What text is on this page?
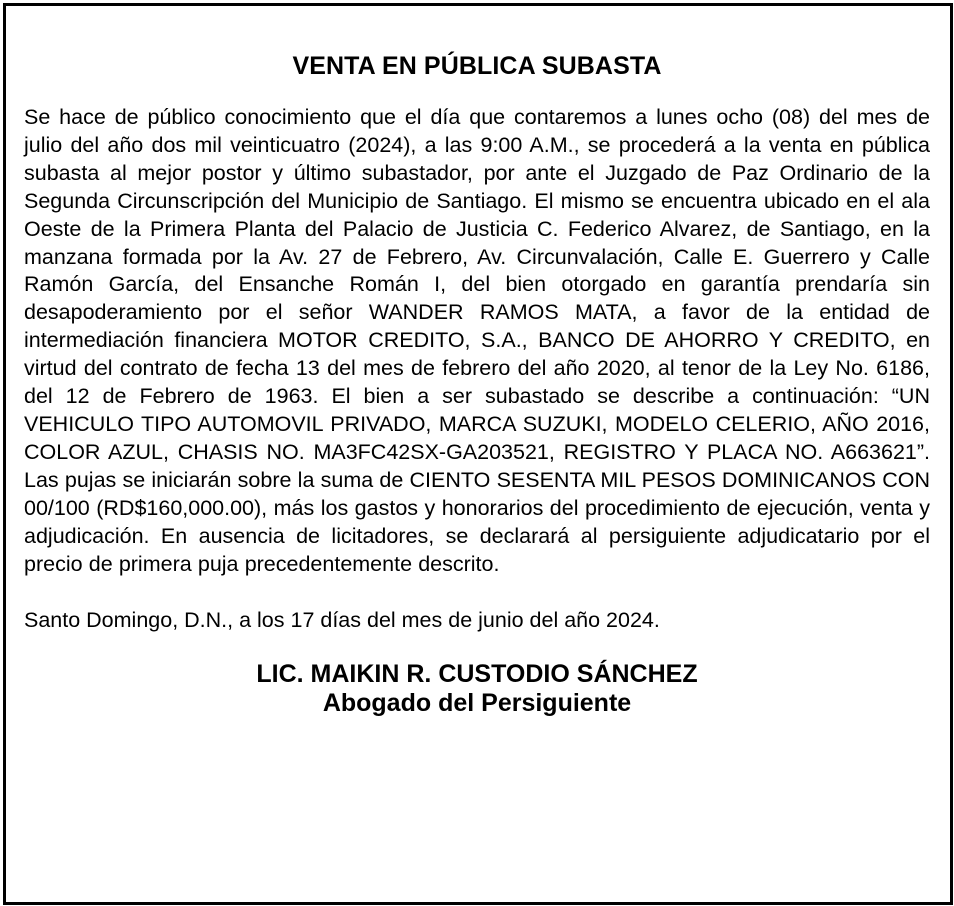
VENTA EN PÚBLICA SUBASTA
Se hace de público conocimiento que el día que contaremos a lunes ocho (08) del mes de julio del año dos mil veinticuatro (2024), a las 9:00 A.M., se procederá a la venta en pública subasta al mejor postor y último subastador, por ante el Juzgado de Paz Ordinario de la Segunda Circunscripción del Municipio de Santiago. El mismo se encuentra ubicado en el ala Oeste de la Primera Planta del Palacio de Justicia C. Federico Alvarez, de Santiago, en la manzana formada por la Av. 27 de Febrero, Av. Circunvalación, Calle E. Guerrero y Calle Ramón García, del Ensanche Román I, del bien otorgado en garantía prendaría sin desapoderamiento por el señor WANDER RAMOS MATA, a favor de la entidad de intermediación financiera MOTOR CREDITO, S.A., BANCO DE AHORRO Y CREDITO, en virtud del contrato de fecha 13 del mes de febrero del año 2020, al tenor de la Ley No. 6186, del 12 de Febrero de 1963. El bien a ser subastado se describe a continuación: “UN VEHICULO TIPO AUTOMOVIL PRIVADO, MARCA SUZUKI, MODELO CELERIO, AÑO 2016, COLOR AZUL, CHASIS NO. MA3FC42SX-GA203521, REGISTRO Y PLACA NO. A663621”. Las pujas se iniciarán sobre la suma de CIENTO SESENTA MIL PESOS DOMINICANOS CON 00/100 (RD$160,000.00), más los gastos y honorarios del procedimiento de ejecución, venta y adjudicación. En ausencia de licitadores, se declarará al persiguiente adjudicatario por el precio de primera puja precedentemente descrito.
Santo Domingo, D.N., a los 17 días del mes de junio del año 2024.
LIC. MAIKIN R. CUSTODIO SÁNCHEZ
Abogado del Persiguiente
